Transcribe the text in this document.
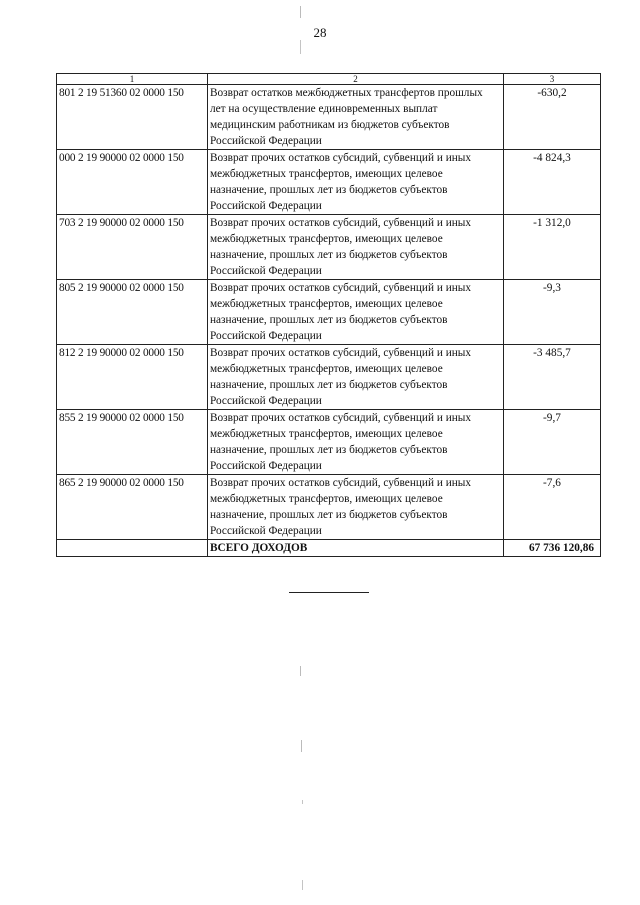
28
1	2	3
801 2 19 51360 02 0000 150	Возврат остатков межбюджетных трансфертов прошлых лет на осуществление единовременных выплат медицинским работникам из бюджетов субъектов Российской Федерации	-630,2
000 2 19 90000 02 0000 150	Возврат прочих остатков субсидий, субвенций и иных межбюджетных трансфертов, имеющих целевое назначение, прошлых лет из бюджетов субъектов Российской Федерации	-4 824,3
703 2 19 90000 02 0000 150	Возврат прочих остатков субсидий, субвенций и иных межбюджетных трансфертов, имеющих целевое назначение, прошлых лет из бюджетов субъектов Российской Федерации	-1 312,0
805 2 19 90000 02 0000 150	Возврат прочих остатков субсидий, субвенций и иных межбюджетных трансфертов, имеющих целевое назначение, прошлых лет из бюджетов субъектов Российской Федерации	-9,3
812 2 19 90000 02 0000 150	Возврат прочих остатков субсидий, субвенций и иных межбюджетных трансфертов, имеющих целевое назначение, прошлых лет из бюджетов субъектов Российской Федерации	-3 485,7
855 2 19 90000 02 0000 150	Возврат прочих остатков субсидий, субвенций и иных межбюджетных трансфертов, имеющих целевое назначение, прошлых лет из бюджетов субъектов Российской Федерации	-9,7
865 2 19 90000 02 0000 150	Возврат прочих остатков субсидий, субвенций и иных межбюджетных трансфертов, имеющих целевое назначение, прошлых лет из бюджетов субъектов Российской Федерации	-7,6
	ВСЕГО ДОХОДОВ	67 736 120,86
